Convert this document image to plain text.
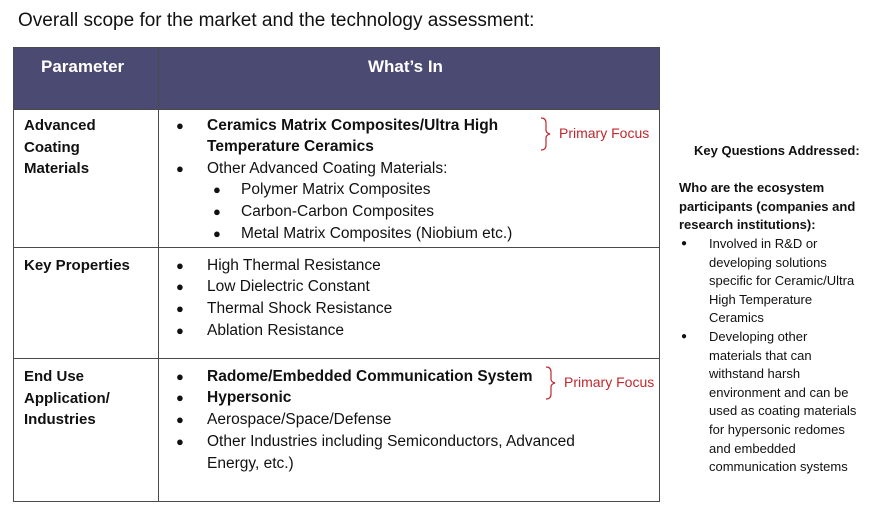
Overall scope for the market and the technology assessment:
Parameter	What’s In
Advanced
Coating
Materials
● Ceramics Matrix Composites/Ultra High
Temperature Ceramics
● Other Advanced Coating Materials:
● Polymer Matrix Composites
● Carbon-Carbon Composites
● Metal Matrix Composites (Niobium etc.)
Primary Focus
Key Properties	● High Thermal Resistance
● Low Dielectric Constant
● Thermal Shock Resistance
● Ablation Resistance
End Use
Application/
Industries
● Radome/Embedded Communication System
● Hypersonic
● Aerospace/Space/Defense
● Other Industries including Semiconductors, Advanced
Energy, etc.)
Primary Focus
Key Questions Addressed:
Who are the ecosystem
participants (companies and
research institutions):
● Involved in R&D or
developing solutions
specific for Ceramic/Ultra
High Temperature
Ceramics
● Developing other
materials that can
withstand harsh
environment and can be
used as coating materials
for hypersonic redomes
and embedded
communication systems
